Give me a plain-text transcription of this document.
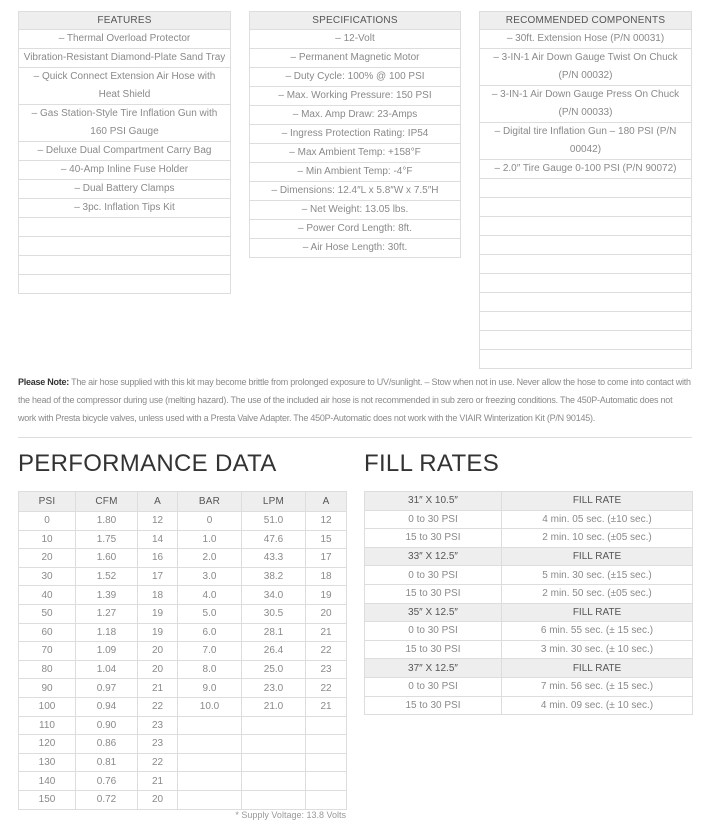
FEATURES
– Thermal Overload Protector
Vibration-Resistant Diamond-Plate Sand Tray
– Quick Connect Extension Air Hose with Heat Shield
– Gas Station-Style Tire Inflation Gun with 160 PSI Gauge
– Deluxe Dual Compartment Carry Bag
– 40-Amp Inline Fuse Holder
– Dual Battery Clamps
– 3pc. Inflation Tips Kit

SPECIFICATIONS
– 12-Volt
– Permanent Magnetic Motor
– Duty Cycle: 100% @ 100 PSI
– Max. Working Pressure: 150 PSI
– Max. Amp Draw: 23-Amps
– Ingress Protection Rating: IP54
– Max Ambient Temp: +158°F
– Min Ambient Temp: -4°F
– Dimensions: 12.4″L x 5.8″W x 7.5″H
– Net Weight: 13.05 lbs.
– Power Cord Length: 8ft.
– Air Hose Length: 30ft.
RECOMMENDED COMPONENTS
– 30ft. Extension Hose (P/N 00031)
– 3-IN-1 Air Down Gauge Twist On Chuck (P/N 00032)
– 3-IN-1 Air Down Gauge Press On Chuck (P/N 00033)
– Digital tire Inflation Gun – 180 PSI (P/N 00042)
– 2.0″ Tire Gauge 0-100 PSI (P/N 90072)

Please Note: The air hose supplied with this kit may become brittle from prolonged exposure to UV/sunlight. – Stow when not in use. Never allow the hose to come into contact with the head of the compressor during use (melting hazard). The use of the included air hose is not recommended in sub zero or freezing conditions. The 450P-Automatic does not work with Presta bicycle valves, unless used with a Presta Valve Adapter. The 450P-Automatic does not work with the VIAIR Winterization Kit (P/N 90145).

PERFORMANCE DATA
PSI	CFM	A	BAR	LPM	A
0	1.80	12	0	51.0	12
10	1.75	14	1.0	47.6	15
20	1.60	16	2.0	43.3	17
30	1.52	17	3.0	38.2	18
40	1.39	18	4.0	34.0	19
50	1.27	19	5.0	30.5	20
60	1.18	19	6.0	28.1	21
70	1.09	20	7.0	26.4	22
80	1.04	20	8.0	25.0	23
90	0.97	21	9.0	23.0	22
100	0.94	22	10.0	21.0	21
110	0.90	23			
120	0.86	23			
130	0.81	22			
140	0.76	21			
150	0.72	20			
* Supply Voltage: 13.8 Volts
FILL RATES
31″ X 10.5″	FILL RATE
0 to 30 PSI	4 min. 05 sec. (±10 sec.)
15 to 30 PSI	2 min. 10 sec. (±05 sec.)
33″ X 12.5″	FILL RATE
0 to 30 PSI	5 min. 30 sec. (±15 sec.)
15 to 30 PSI	2 min. 50 sec. (±05 sec.)
35″ X 12.5″	FILL RATE
0 to 30 PSI	6 min. 55 sec. (± 15 sec.)
15 to 30 PSI	3 min. 30 sec. (± 10 sec.)
37″ X 12.5″	FILL RATE
0 to 30 PSI	7 min. 56 sec. (± 15 sec.)
15 to 30 PSI	4 min. 09 sec. (± 10 sec.)
